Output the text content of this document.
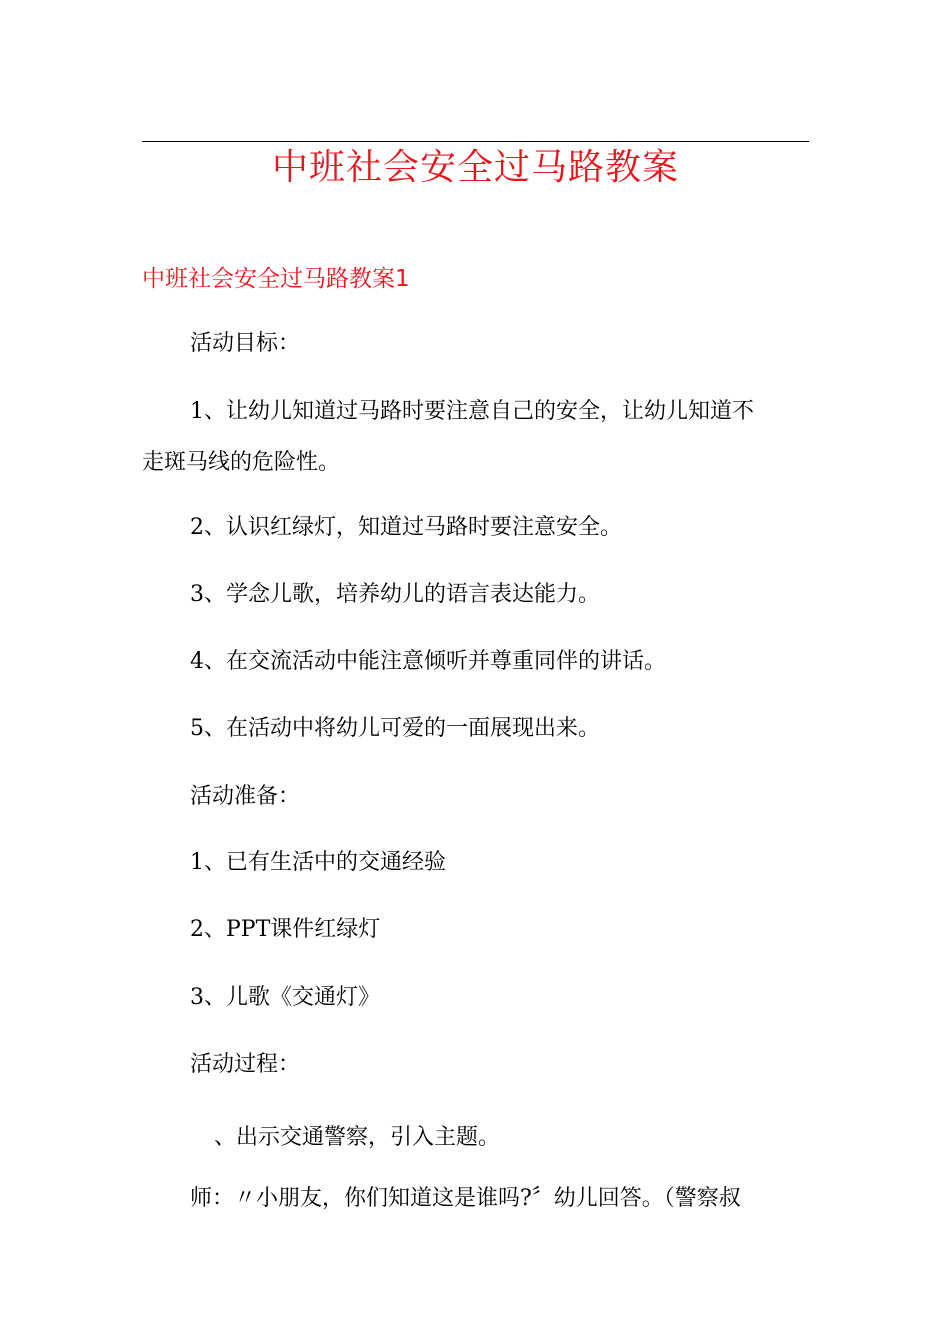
中班社会安全过马路教案
中班社会安全过马路教案1
活动目标：
1、让幼儿知道过马路时要注意自己的安全，让幼儿知道不
走斑马线的危险性。
2、认识红绿灯，知道过马路时要注意安全。
3、学念儿歌，培养幼儿的语言表达能力。
4、在交流活动中能注意倾听并尊重同伴的讲话。
5、在活动中将幼儿可爱的一面展现出来。
活动准备：
1、已有生活中的交通经验
2、PPT课件红绿灯
3、儿歌《交通灯》
活动过程：
、出示交通警察，引入主题。
师：〃小朋友，你们知道这是谁吗?〞幼儿回答。（警察叔
